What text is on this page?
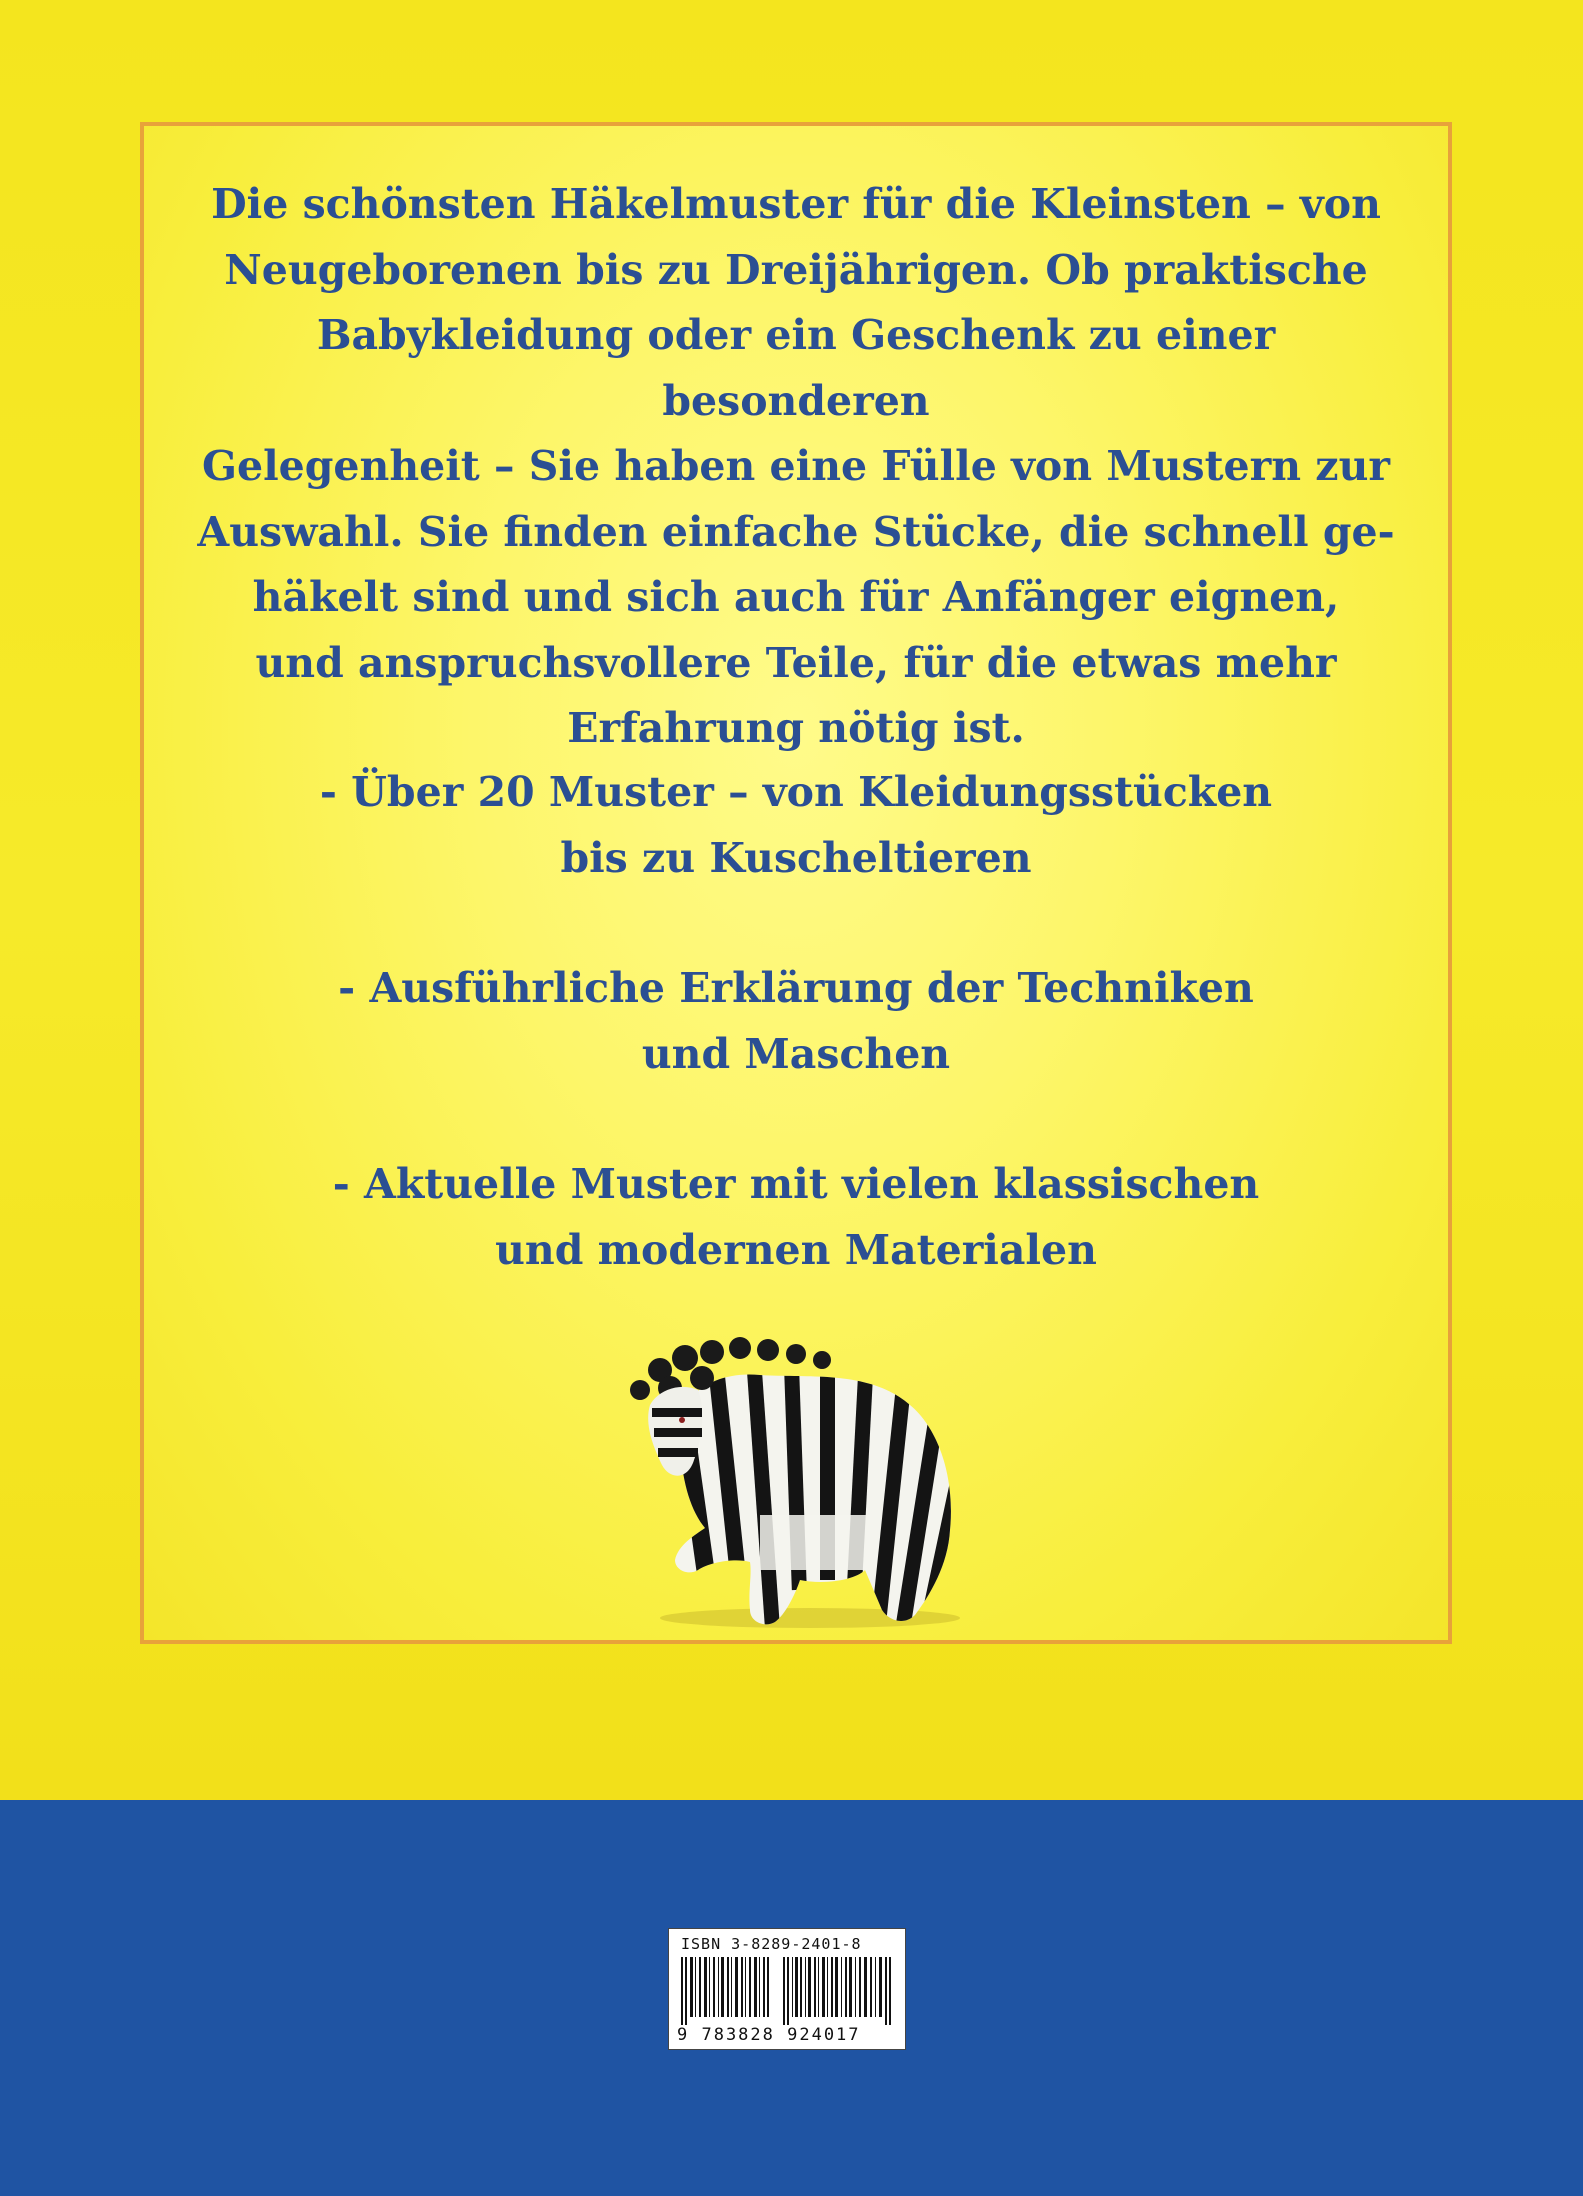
Die schönsten Häkelmuster für die Kleinsten – von
Neugeborenen bis zu Dreijährigen. Ob praktische
Babykleidung oder ein Geschenk zu einer besonderen
Gelegenheit – Sie haben eine Fülle von Mustern zur
Auswahl. Sie finden einfache Stücke, die schnell ge-
häkelt sind und sich auch für Anfänger eignen,
und anspruchsvollere Teile, für die etwas mehr
Erfahrung nötig ist.

- Über 20 Muster – von Kleidungsstücken
bis zu Kuscheltieren

- Ausführliche Erklärung der Techniken
und Maschen

- Aktuelle Muster mit vielen klassischen
und modernen Materialen

ISBN 3-8289-2401-8
9 783828 924017
